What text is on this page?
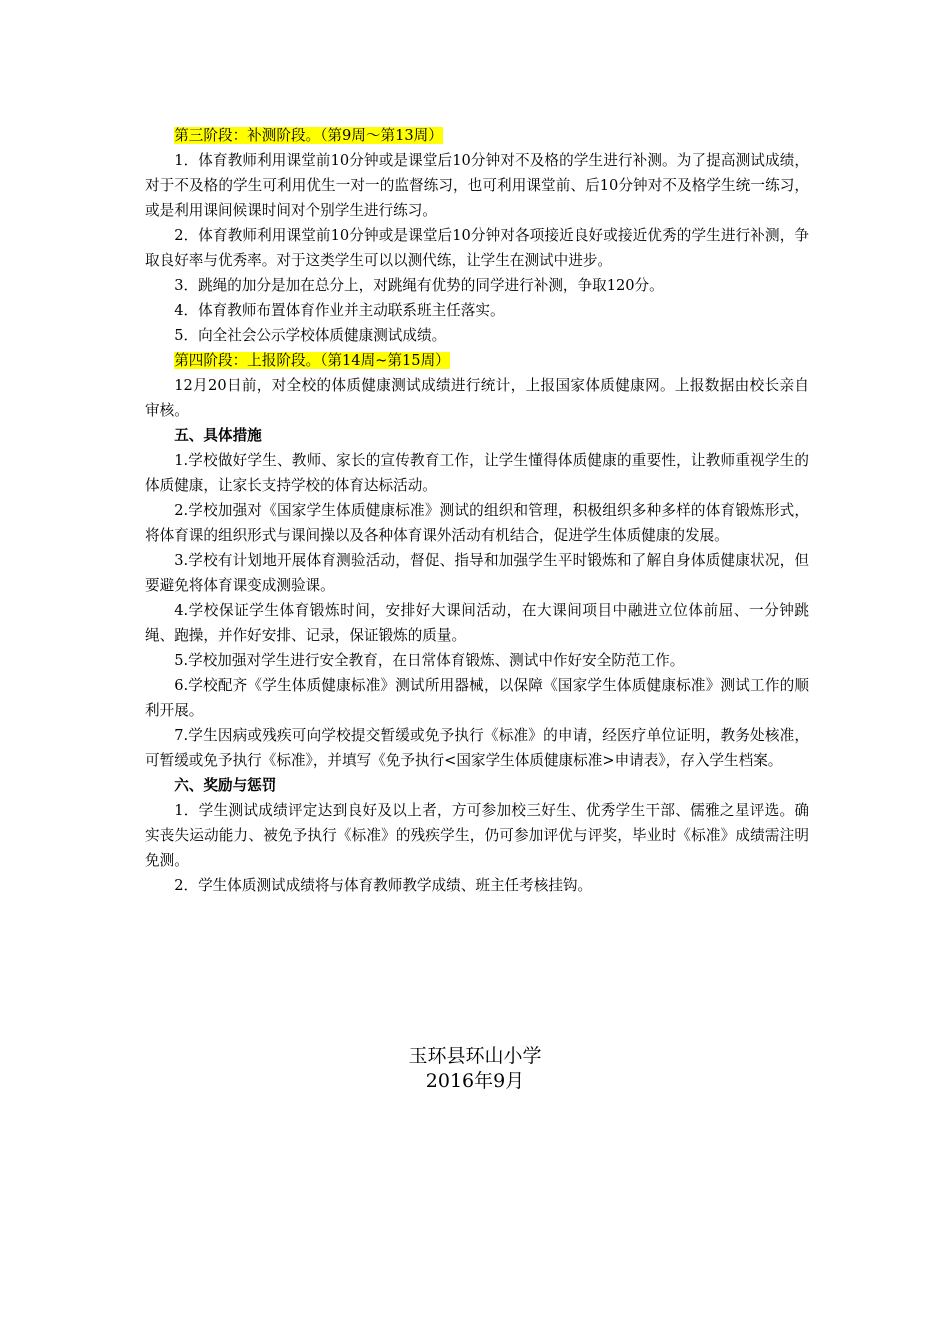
第三阶段：补测阶段。（第9周～第13周）

1．体育教师利用课堂前10分钟或是课堂后10分钟对不及格的学生进行补测。为了提高测试成绩，对于不及格的学生可利用优生一对一的监督练习，也可利用课堂前、后10分钟对不及格学生统一练习，或是利用课间候课时间对个别学生进行练习。

2．体育教师利用课堂前10分钟或是课堂后10分钟对各项接近良好或接近优秀的学生进行补测，争取良好率与优秀率。对于这类学生可以以测代练，让学生在测试中进步。

3．跳绳的加分是加在总分上，对跳绳有优势的同学进行补测，争取120分。

4．体育教师布置体育作业并主动联系班主任落实。

5．向全社会公示学校体质健康测试成绩。

第四阶段：上报阶段。（第14周~第15周）

12月20日前，对全校的体质健康测试成绩进行统计，上报国家体质健康网。上报数据由校长亲自审核。

五、具体措施

1.学校做好学生、教师、家长的宣传教育工作，让学生懂得体质健康的重要性，让教师重视学生的体质健康，让家长支持学校的体育达标活动。

2.学校加强对《国家学生体质健康标准》测试的组织和管理，积极组织多种多样的体育锻炼形式，将体育课的组织形式与课间操以及各种体育课外活动有机结合，促进学生体质健康的发展。

3.学校有计划地开展体育测验活动，督促、指导和加强学生平时锻炼和了解自身体质健康状况，但要避免将体育课变成测验课。

4.学校保证学生体育锻炼时间，安排好大课间活动，在大课间项目中融进立位体前屈、一分钟跳绳、跑操，并作好安排、记录，保证锻炼的质量。

5.学校加强对学生进行安全教育，在日常体育锻炼、测试中作好安全防范工作。

6.学校配齐《学生体质健康标准》测试所用器械，以保障《国家学生体质健康标准》测试工作的顺利开展。

7.学生因病或残疾可向学校提交暂缓或免予执行《标准》的申请，经医疗单位证明，教务处核准，可暂缓或免予执行《标准》，并填写《免予执行<国家学生体质健康标准>申请表》，存入学生档案。

六、奖励与惩罚

1．学生测试成绩评定达到良好及以上者，方可参加校三好生、优秀学生干部、儒雅之星评选。确实丧失运动能力、被免予执行《标准》的残疾学生，仍可参加评优与评奖，毕业时《标准》成绩需注明免测。

2．学生体质测试成绩将与体育教师教学成绩、班主任考核挂钩。

玉环县环山小学
2016年9月
